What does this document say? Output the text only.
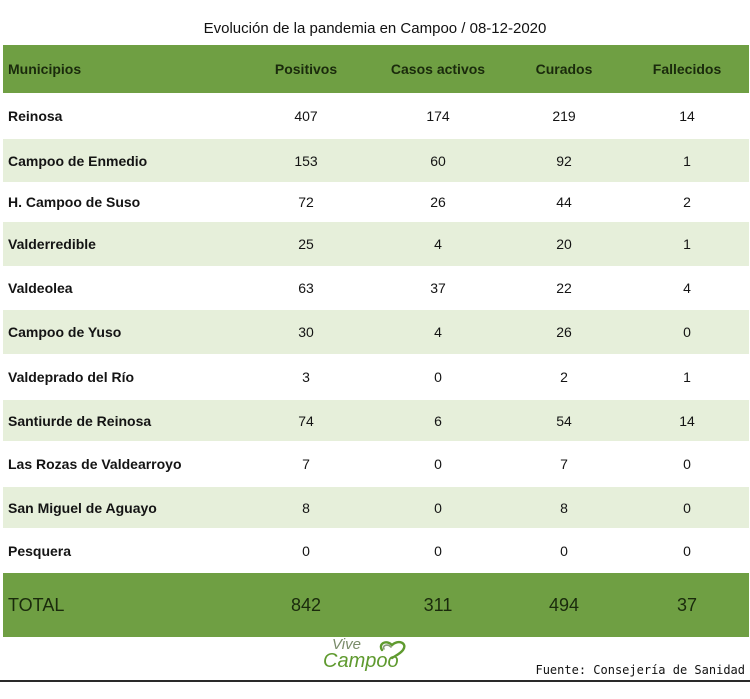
Evolución de la pandemia en Campoo / 08-12-2020
Municipios	Positivos	Casos activos	Curados	Fallecidos
Reinosa	407	174	219	14
Campoo de Enmedio	153	60	92	1
H. Campoo de Suso	72	26	44	2
Valderredible	25	4	20	1
Valdeolea	63	37	22	4
Campoo de Yuso	30	4	26	0
Valdeprado del Río	3	0	2	1
Santiurde de Reinosa	74	6	54	14
Las Rozas de Valdearroyo	7	0	7	0
San Miguel de Aguayo	8	0	8	0
Pesquera	0	0	0	0
TOTAL	842	311	494	37
Vive
Campoo	Fuente: Consejería de Sanidad
